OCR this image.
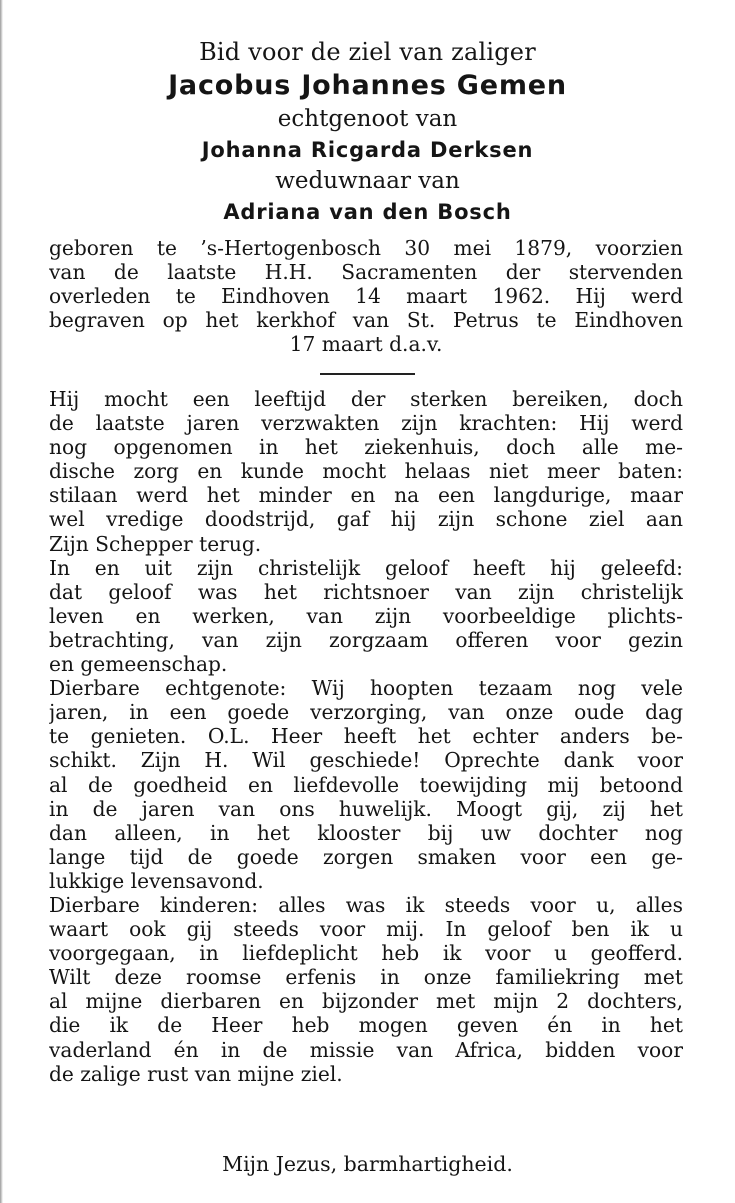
Bid voor de ziel van zaliger
Jacobus Johannes Gemen
echtgenoot van
Johanna Ricgarda Derksen
weduwnaar van
Adriana van den Bosch
geboren te ’s-Hertogenbosch 30 mei 1879, voorzien
van de laatste H.H. Sacramenten der stervenden
overleden te Eindhoven 14 maart 1962. Hij werd
begraven op het kerkhof van St. Petrus te Eindhoven
17 maart d.a.v.
Hij mocht een leeftijd der sterken bereiken, doch
de laatste jaren verzwakten zijn krachten: Hij werd
nog opgenomen in het ziekenhuis, doch alle me-
dische zorg en kunde mocht helaas niet meer baten:
stilaan werd het minder en na een langdurige, maar
wel vredige doodstrijd, gaf hij zijn schone ziel aan
Zijn Schepper terug.
In en uit zijn christelijk geloof heeft hij geleefd:
dat geloof was het richtsnoer van zijn christelijk
leven en werken, van zijn voorbeeldige plichts-
betrachting, van zijn zorgzaam offeren voor gezin
en gemeenschap.
Dierbare echtgenote: Wij hoopten tezaam nog vele
jaren, in een goede verzorging, van onze oude dag
te genieten. O.L. Heer heeft het echter anders be-
schikt. Zijn H. Wil geschiede! Oprechte dank voor
al de goedheid en liefdevolle toewijding mij betoond
in de jaren van ons huwelijk. Moogt gij, zij het
dan alleen, in het klooster bij uw dochter nog
lange tijd de goede zorgen smaken voor een ge-
lukkige levensavond.
Dierbare kinderen: alles was ik steeds voor u, alles
waart ook gij steeds voor mij. In geloof ben ik u
voorgegaan, in liefdeplicht heb ik voor u geofferd.
Wilt deze roomse erfenis in onze familiekring met
al mijne dierbaren en bijzonder met mijn 2 dochters,
die ik de Heer heb mogen geven én in het
vaderland én in de missie van Africa, bidden voor
de zalige rust van mijne ziel.
Mijn Jezus, barmhartigheid.
